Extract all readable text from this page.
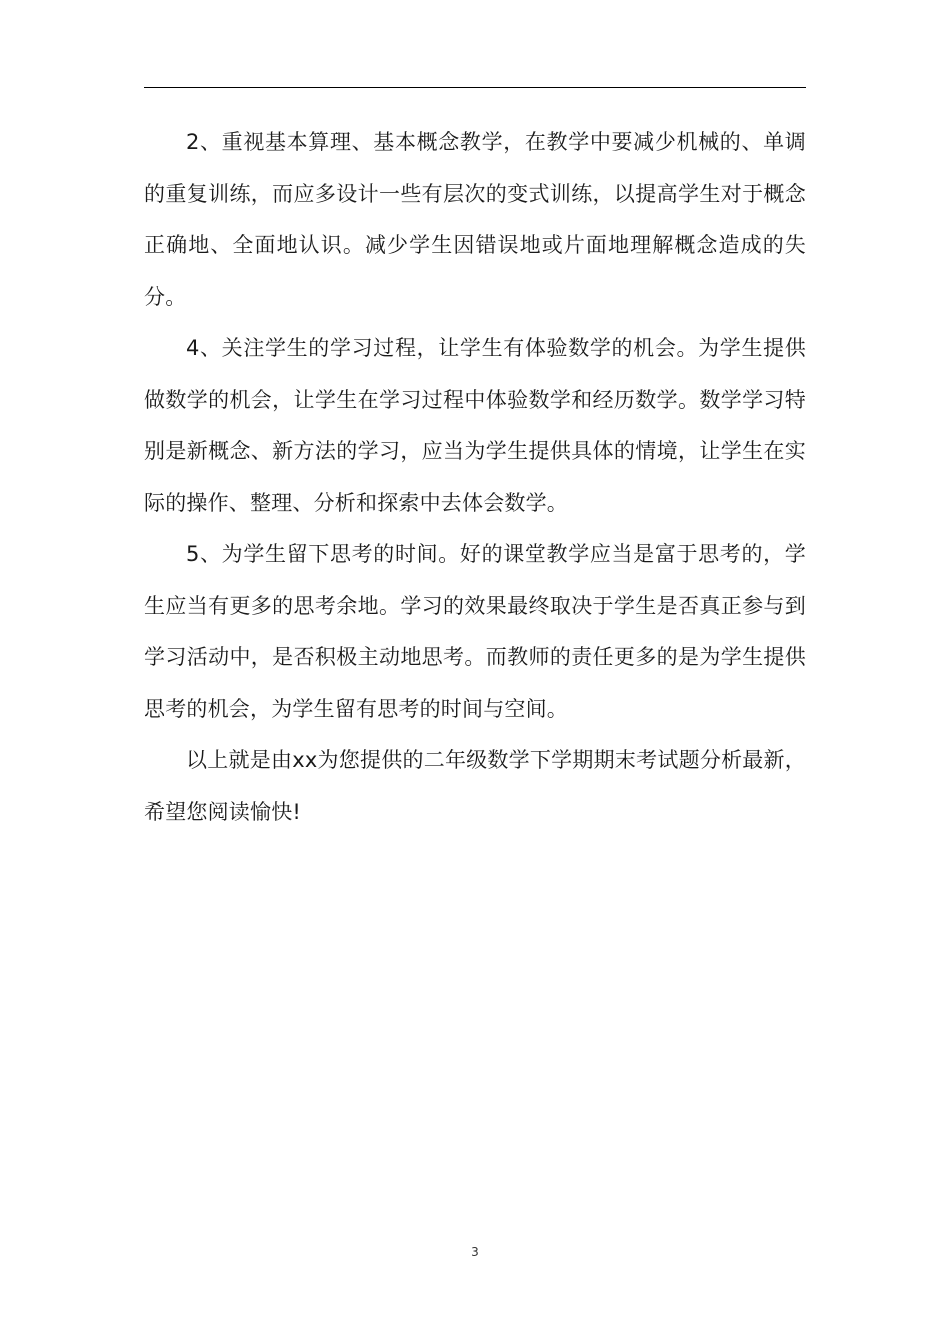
2、重视基本算理、基本概念教学，在教学中要减少机械的、单调的重复训练，而应多设计一些有层次的变式训练，以提高学生对于概念正确地、全面地认识。减少学生因错误地或片面地理解概念造成的失分。

4、关注学生的学习过程，让学生有体验数学的机会。为学生提供做数学的机会，让学生在学习过程中体验数学和经历数学。数学学习特别是新概念、新方法的学习，应当为学生提供具体的情境，让学生在实际的操作、整理、分析和探索中去体会数学。

5、为学生留下思考的时间。好的课堂教学应当是富于思考的，学生应当有更多的思考余地。学习的效果最终取决于学生是否真正参与到学习活动中，是否积极主动地思考。而教师的责任更多的是为学生提供思考的机会，为学生留有思考的时间与空间。

以上就是由xx为您提供的二年级数学下学期期末考试题分析最新，希望您阅读愉快!

3
